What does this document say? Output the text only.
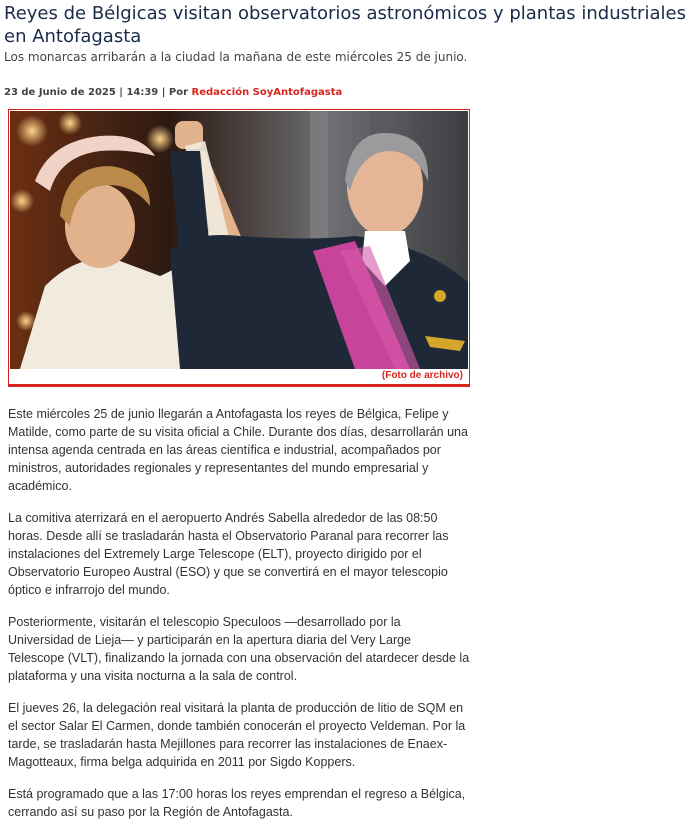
Reyes de Bélgicas visitan observatorios astronómicos y plantas industriales en Antofagasta

Los monarcas arribarán a la ciudad la mañana de este miércoles 25 de junio.

23 de Junio de 2025 | 14:39 | Por Redacción SoyAntofagasta
(Foto de archivo)

Este miércoles 25 de junio llegarán a Antofagasta los reyes de Bélgica, Felipe y Matilde, como parte de su visita oficial a Chile. Durante dos días, desarrollarán una intensa agenda centrada en las áreas científica e industrial, acompañados por ministros, autoridades regionales y representantes del mundo empresarial y académico.

La comitiva aterrizará en el aeropuerto Andrés Sabella alrededor de las 08:50 horas. Desde allí se trasladarán hasta el Observatorio Paranal para recorrer las instalaciones del Extremely Large Telescope (ELT), proyecto dirigido por el Observatorio Europeo Austral (ESO) y que se convertirá en el mayor telescopio óptico e infrarrojo del mundo.

Posteriormente, visitarán el telescopio Speculoos —desarrollado por la Universidad de Lieja— y participarán en la apertura diaria del Very Large Telescope (VLT), finalizando la jornada con una observación del atardecer desde la plataforma y una visita nocturna a la sala de control.

El jueves 26, la delegación real visitará la planta de producción de litio de SQM en el sector Salar El Carmen, donde también conocerán el proyecto Veldeman. Por la tarde, se trasladarán hasta Mejillones para recorrer las instalaciones de Enaex-Magotteaux, firma belga adquirida en 2011 por Sigdo Koppers.

Está programado que a las 17:00 horas los reyes emprendan el regreso a Bélgica, cerrando así su paso por la Región de Antofagasta.
